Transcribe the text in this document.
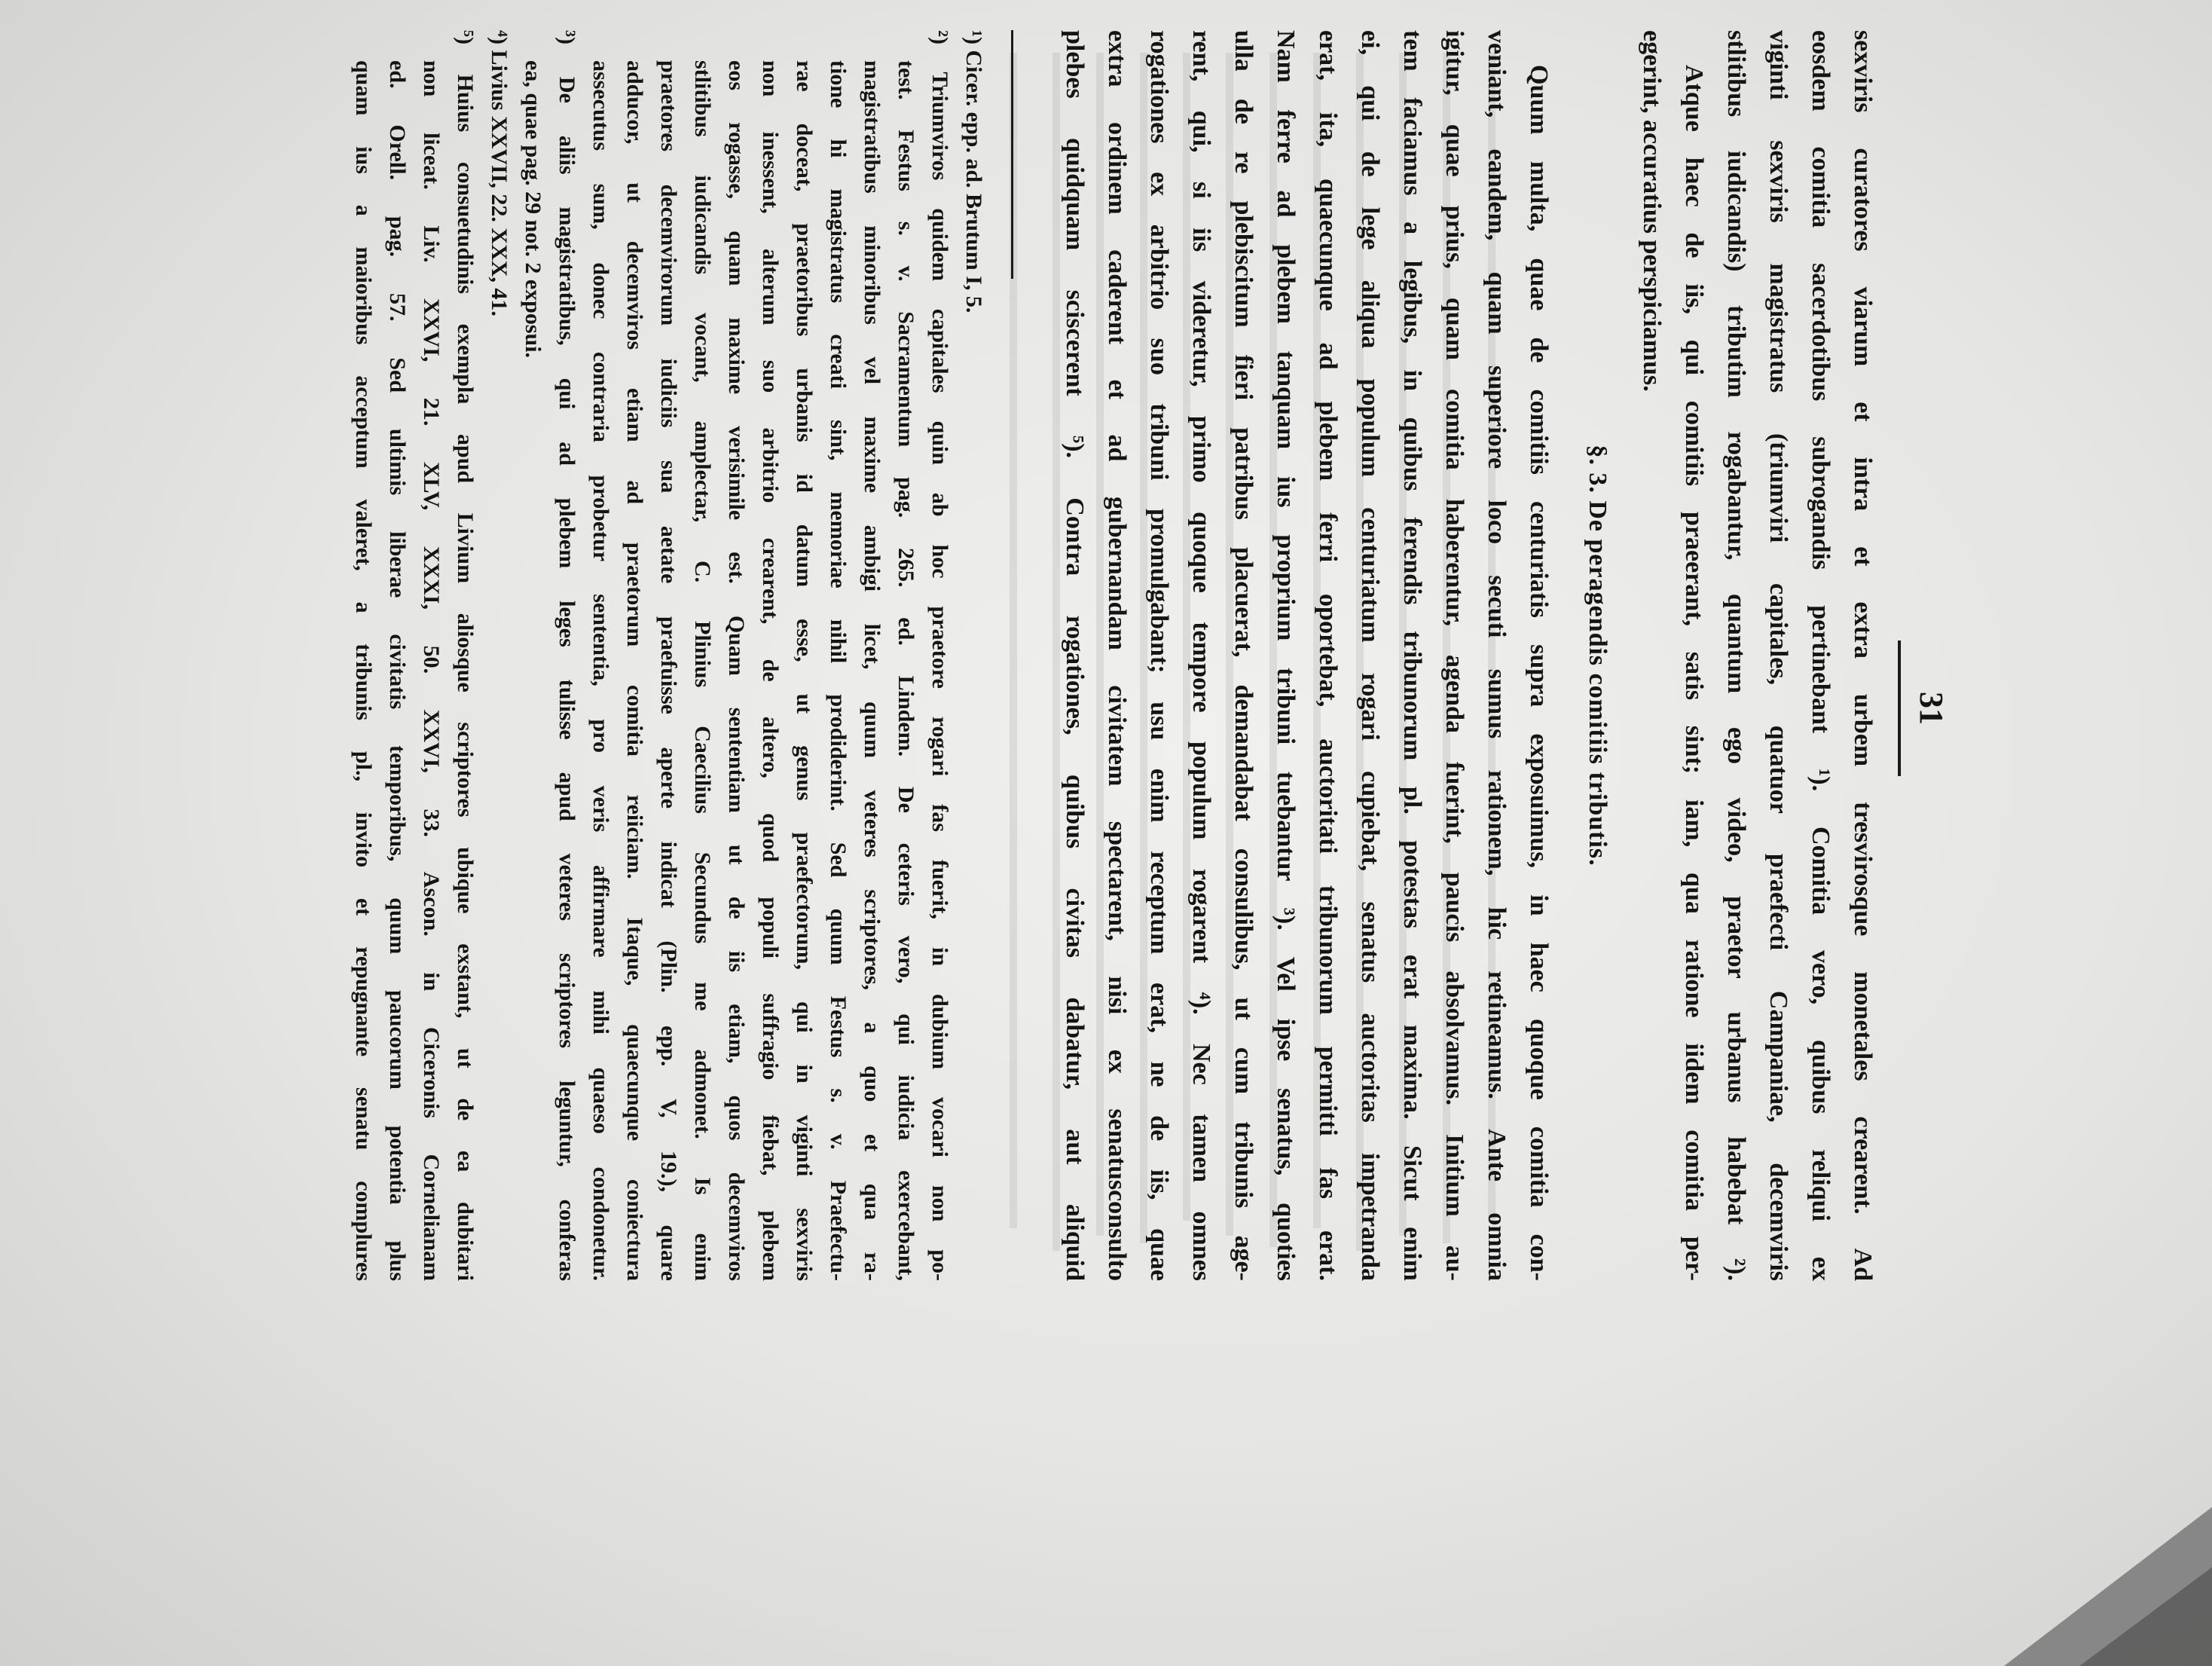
31
sexviris curatores viarum et intra et extra urbem tresvirosque monetales crearent. Ad
eosdem comitia sacerdotibus subrogandis pertinebant ¹). Comitia vero, quibus reliqui ex
viginti sexviris magistratus (triumviri capitales, quatuor praefecti Campaniae, decemviris
stlitibus iudicandis) tributim rogabantur, quantum ego video, praetor urbanus habebat ²).
Atque haec de iis, qui comitiis praeerant, satis sint; iam, qua ratione iidem comitia per-
egerint, accuratius perspiciamus.
§. 3. De peragendis comitiis tributis.
Quum multa, quae de comitiis centuriatis supra exposuimus, in haec quoque comitia con-
veniant, eandem, quam superiore loco secuti sumus rationem, hic retineamus. Ante omnia
igitur, quae prius, quam comitia haberentur, agenda fuerint, paucis absolvamus. Initium au-
tem faciamus a legibus, in quibus ferendis tribunorum pl. potestas erat maxima. Sicut enim
ei, qui de lege aliqua populum centuriatum rogari cupiebat, senatus auctoritas impetranda
erat, ita, quaecunque ad plebem ferri oportebat, auctoritati tribunorum permitti fas erat.
Nam ferre ad plebem tanquam ius proprium tribuni tuebantur ³). Vel ipse senatus, quoties
ulla de re plebiscitum fieri patribus placuerat, demandabat consulibus, ut cum tribunis age-
rent, qui, si iis videretur, primo quoque tempore populum rogarent ⁴). Nec tamen omnes
rogationes ex arbitrio suo tribuni promulgabant; usu enim receptum erat, ne de iis, quae
extra ordinem caderent et ad gubernandam civitatem spectarent, nisi ex senatusconsulto
plebes quidquam sciscerent ⁵). Contra rogationes, quibus civitas dabatur, aut aliquid
¹) Cicer. epp. ad. Brutum I, 5.
²) Triumviros quidem capitales quin ab hoc praetore rogari fas fuerit, in dubium vocari non po-
test. Festus s. v. Sacramentum pag. 265. ed. Lindem. De ceteris vero, qui iudicia exercebant,
magistratibus minoribus vel maxime ambigi licet, quum veteres scriptores, a quo et qua ra-
tione hi magistratus creati sint, memoriae nihil prodiderint. Sed quum Festus s. v. Praefectu-
rae doceat, praetoribus urbanis id datum esse, ut genus praefectorum, qui in viginti sexviris
non inessent, alterum suo arbitrio crearent, de altero, quod populi suffragio fiebat, plebem
eos rogasse, quam maxime verisimile est. Quam sententiam ut de iis etiam, quos decemviros
stlitibus iudicandis vocant, amplectar, C. Plinius Caecilius Secundus me admonet. Is enim
praetores decemvirorum iudiciis sua aetate praefuisse aperte indicat (Plin. epp. V, 19.), quare
adducor, ut decemviros etiam ad praetorum comitia reiiciam. Itaque, quaecunque coniectura
assecutus sum, donec contraria probetur sententia, pro veris affirmare mihi quaeso condonetur.
³) De aliis magistratibus, qui ad plebem leges tulisse apud veteres scriptores leguntur, conferas
ea, quae pag. 29 not. 2 exposui.
⁴) Livius XXVII, 22. XXX, 41.
⁵) Huius consuetudinis exempla apud Livium aliosque scriptores ubique exstant, ut de ea dubitari
non liceat. Liv. XXVI, 21. XLV, XXXI, 50. XXVI, 33. Ascon. in Ciceronis Cornelianam
ed. Orell. pag. 57. Sed ultimis liberae civitatis temporibus, quum paucorum potentia plus
quam ius a maioribus acceptum valeret, a tribunis pl., invito et repugnante senatu complures
